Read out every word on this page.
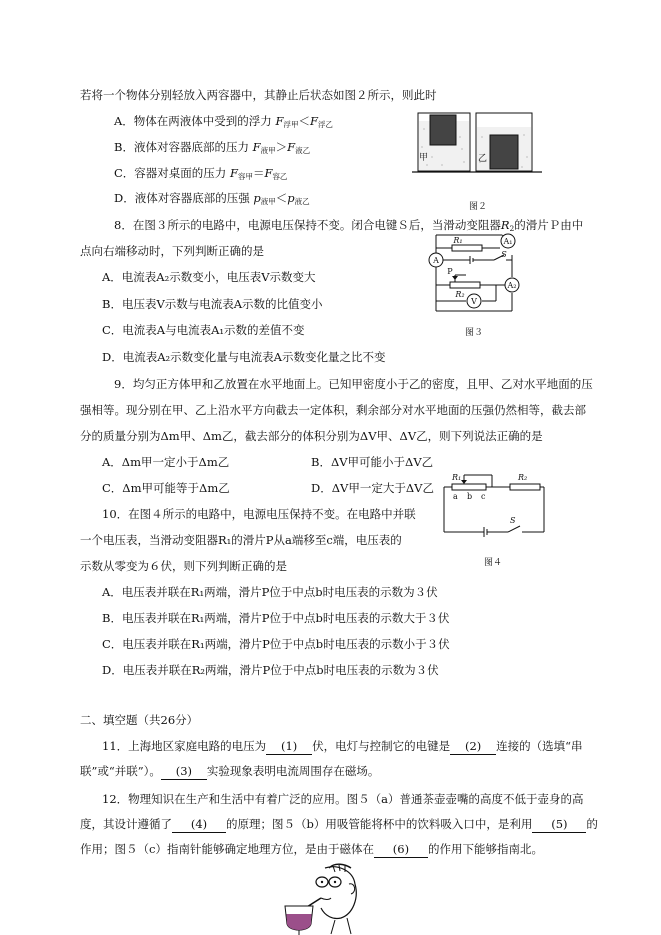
若将一个物体分别轻放入两容器中，其静止后状态如图２所示，则此时
A．物体在两液体中受到的浮力 $F_{浮甲}<F_{浮乙}$
B．液体对容器底部的压力 $F_{液甲}>F_{液乙}$
C．容器对桌面的压力 $F_{容甲}=F_{容乙}$
D．液体对容器底部的压强 $p_{液甲}<p_{液乙}$
甲	乙
图２
8．在图３所示的电路中，电源电压保持不变。闭合电键Ｓ后，当滑动变阻器$R_2$的滑片Ｐ由中
点向右端移动时，下列判断正确的是
A．电流表A₂示数变小，电压表V示数变大
B．电压表V示数与电流表A示数的比值变小
C．电流表A与电流表A₁示数的差值不变
D．电流表A₂示数变化量与电流表A示数变化量之比不变
A₁
A
A₂
V
R₁
R₂
S
P
图３
9．均匀正方体甲和乙放置在水平地面上。已知甲密度小于乙的密度，且甲、乙对水平地面的压
强相等。现分别在甲、乙上沿水平方向截去一定体积，剩余部分对水平地面的压强仍然相等，截去部
分的质量分别为Δm甲、Δm乙，截去部分的体积分别为ΔV甲、ΔV乙，则下列说法正确的是
A．Δm甲一定小于Δm乙	B．ΔV甲可能小于ΔV乙
C．Δm甲可能等于Δm乙	D．ΔV甲一定大于ΔV乙
10．在图４所示的电路中，电源电压保持不变。在电路中并联
一个电压表，当滑动变阻器R₁的滑片P从a端移至c端，电压表的
示数从零变为６伏，则下列判断正确的是
A．电压表并联在R₁两端，滑片P位于中点b时电压表的示数为３伏
B．电压表并联在R₁两端，滑片P位于中点b时电压表的示数大于３伏
C．电压表并联在R₁两端，滑片P位于中点b时电压表的示数小于３伏
D．电压表并联在R₂两端，滑片P位于中点b时电压表的示数为３伏
R₁	R₂
a b c
S
图４
二、填空题（共26分）
11．上海地区家庭电路的电压为 (1) 伏，电灯与控制它的电键是 (2) 连接的（选填“串
联”或“并联”）。 (3) 实验现象表明电流周围存在磁场。
12．物理知识在生产和生活中有着广泛的应用。图５（a）普通茶壶壶嘴的高度不低于壶身的高
度，其设计遵循了 (4) 的原理；图５（b）用吸管能将杯中的饮料吸入口中，是利用 (5) 的
作用；图５（c）指南针能够确定地理方位，是由于磁体在 (6) 的作用下能够指南北。
